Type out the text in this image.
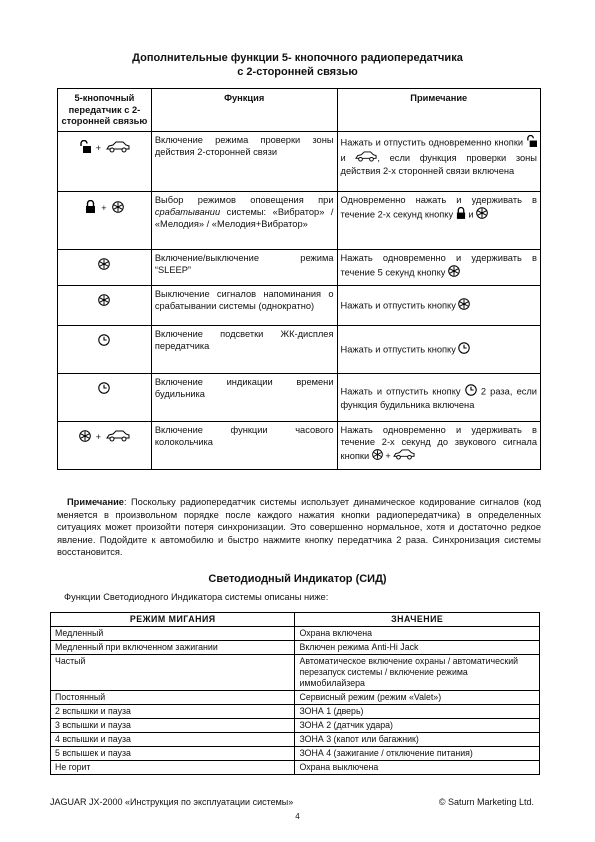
Дополнительные функции 5- кнопочного радиопередатчика
с 2-сторонней связью
5-кнопочный передатчик с 2-сторонней связью	Функция	Примечание
+	Включение режима проверки зоны действия 2-сторонней связи	Нажать и отпустить одновременно кнопки  и , если функция проверки зоны действия 2-х сторонней связи включена
+	Выбор режимов оповещения при срабатывании системы: «Вибратор» / «Мелодия» / «Мелодия+Вибратор»	Одновременно нажать и удерживать в течение 2-х секунд кнопку и
	Включение/выключение режима “SLEEP”	Нажать одновременно и удерживать в течение 5 секунд кнопку
	Выключение сигналов напоминания о срабатывании системы (однократно)	Нажать и отпустить кнопку
	Включение подсветки ЖК-дисплея передатчика	Нажать и отпустить кнопку
	Включение индикации времени будильника	Нажать и отпустить кнопку 2 раза, если функция будильника включена
+	Включение функции часового колокольчика	Нажать одновременно и удерживать в течение 2-х секунд до звукового сигнала кнопки +
Примечание: Поскольку радиопередатчик системы использует динамическое кодирование сигналов (код меняется в произвольном порядке после каждого нажатия кнопки радиопередатчика) в определенных ситуациях может произойти потеря синхронизации. Это совершенно нормальное, хотя и достаточно редкое явление. Подойдите к автомобилю и быстро нажмите кнопку передатчика 2 раза. Синхронизация системы восстановится.
Светодиодный Индикатор (СИД)
Функции Светодиодного Индикатора системы описаны ниже:
РЕЖИМ МИГАНИЯ	ЗНАЧЕНИЕ
Медленный	Охрана включена
Медленный при включенном зажигании	Включен режима Anti-Hi Jack
Частый	Автоматическое включение охраны / автоматический перезапуск системы / включение режима иммобилайзера
Постоянный	Сервисный режим (режим «Valet»)
2 вспышки и пауза	ЗОНА 1 (дверь)
3 вспышки и пауза	ЗОНА 2 (датчик удара)
4 вспышки и пауза	ЗОНА 3 (капот или багажник)
5 вспышек и пауза	ЗОНА 4 (зажигание / отключение питания)
Не горит	Охрана выключена
JAGUAR JX-2000 «Инструкция по эксплуатации системы»	© Saturn Marketing Ltd.
4
